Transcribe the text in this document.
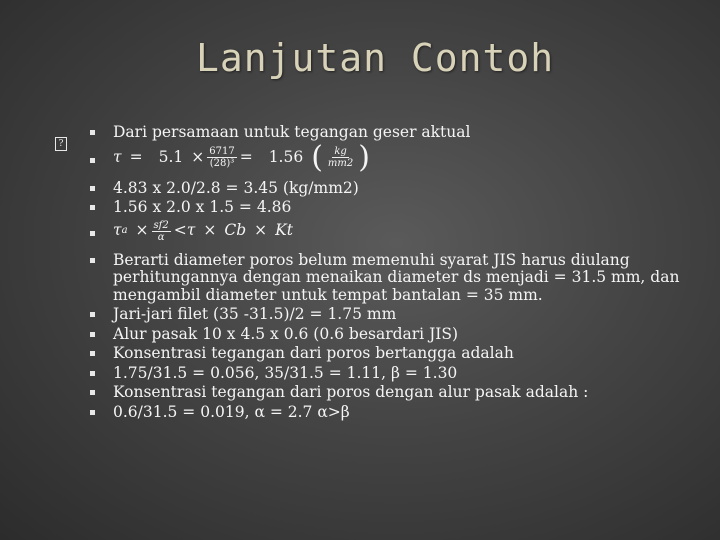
Lanjutan Contoh
?
Dari persamaan untuk tegangan geser aktual
$\tau = 5.1 \times \frac{6717}{\text{(28)³}} = 1.56$ ( $\frac{kg}{mm2}$ )
4.83 x 2.0/2.8 = 3.45 (kg/mm2)
1.56 x 2.0 x 1.5 = 4.86
τ $a \times \frac{sf2}{\alpha} < \tau \times Cb \times Kt$
Berarti diameter poros belum memenuhi syarat JIS harus diulang perhitungannya dengan menaikan diameter ds menjadi = 31.5 mm, dan mengambil diameter untuk tempat bantalan = 35 mm.
Jari-jari filet (35 -31.5)/2 = 1.75 mm
Alur pasak 10 x 4.5 x 0.6 (0.6 besardari JIS)
Konsentrasi tegangan dari poros bertangga adalah
1.75/31.5 = 0.056, 35/31.5 = 1.11, β = 1.30
Konsentrasi tegangan dari poros dengan alur pasak adalah :
0.6/31.5 = 0.019, α = 2.7 α>β
